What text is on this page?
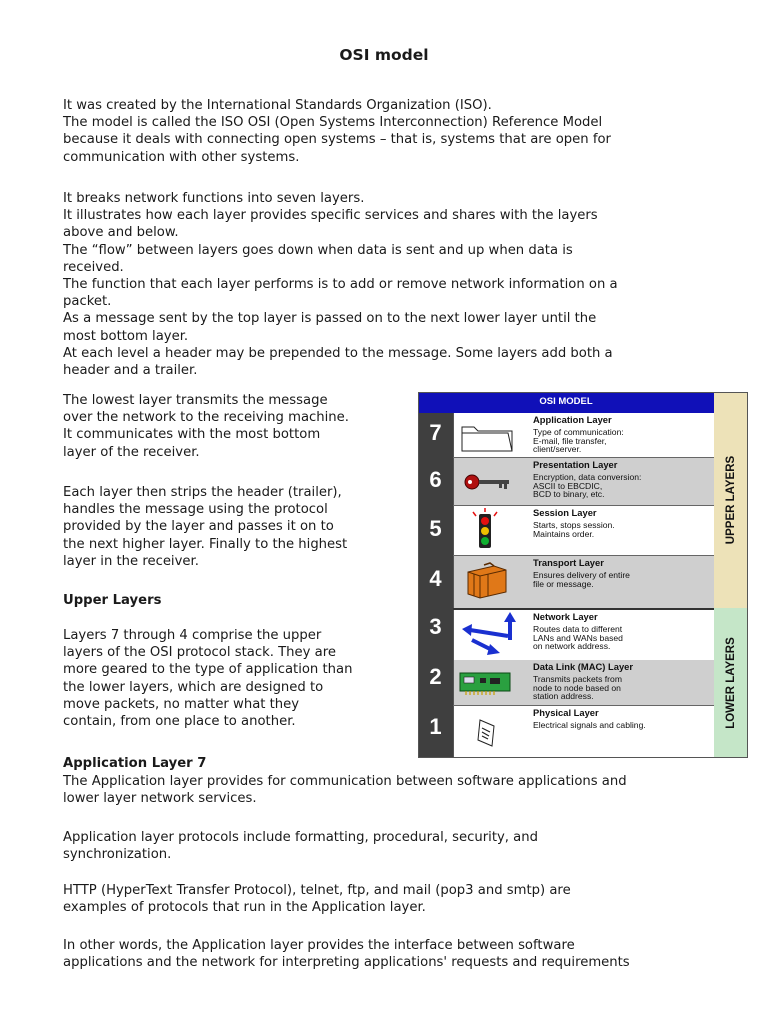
OSI model
It was created by the International Standards Organization (ISO).
The model is called the ISO OSI (Open Systems Interconnection) Reference Model
because it deals with connecting open systems – that is, systems that are open for
communication with other systems.
It breaks network functions into seven layers.
It illustrates how each layer provides specific services and shares with the layers
above and below.
The “flow” between layers goes down when data is sent and up when data is
received.
The function that each layer performs is to add or remove network information on a
packet.
As a message sent by the top layer is passed on to the next lower layer until the
most bottom layer.
At each level a header may be prepended to the message. Some layers add both a
header and a trailer.
The lowest layer transmits the message
over the network to the receiving machine.
It communicates with the most bottom
layer of the receiver.
Each layer then strips the header (trailer),
handles the message using the protocol
provided by the layer and passes it on to
the next higher layer. Finally to the highest
layer in the receiver.
Upper Layers
Layers 7 through 4 comprise the upper
layers of the OSI protocol stack. They are
more geared to the type of application than
the lower layers, which are designed to
move packets, no matter what they
contain, from one place to another.
Application Layer 7
The Application layer provides for communication between software applications and
lower layer network services.
Application layer protocols include formatting, procedural, security, and
synchronization.
HTTP (HyperText Transfer Protocol), telnet, ftp, and mail (pop3 and smtp) are
examples of protocols that run in the Application layer.
In other words, the Application layer provides the interface between software
applications and the network for interpreting applications' requests and requirements
OSI MODEL
Application Layer
Type of communication:
E-mail, file transfer,
client/server.
7
Presentation Layer
Encryption, data conversion:
ASCII to EBCDIC,
BCD to binary, etc.
6
Session Layer
Starts, stops session.
Maintains order.
5
Transport Layer
Ensures delivery of entire
file or message.
4
Network Layer
Routes data to different
LANs and WANs based
on network address.
3
Data Link (MAC) Layer
Transmits packets from
node to node based on
station address.
2
Physical Layer
Electrical signals and cabling.
1
UPPER LAYERS
LOWER LAYERS
